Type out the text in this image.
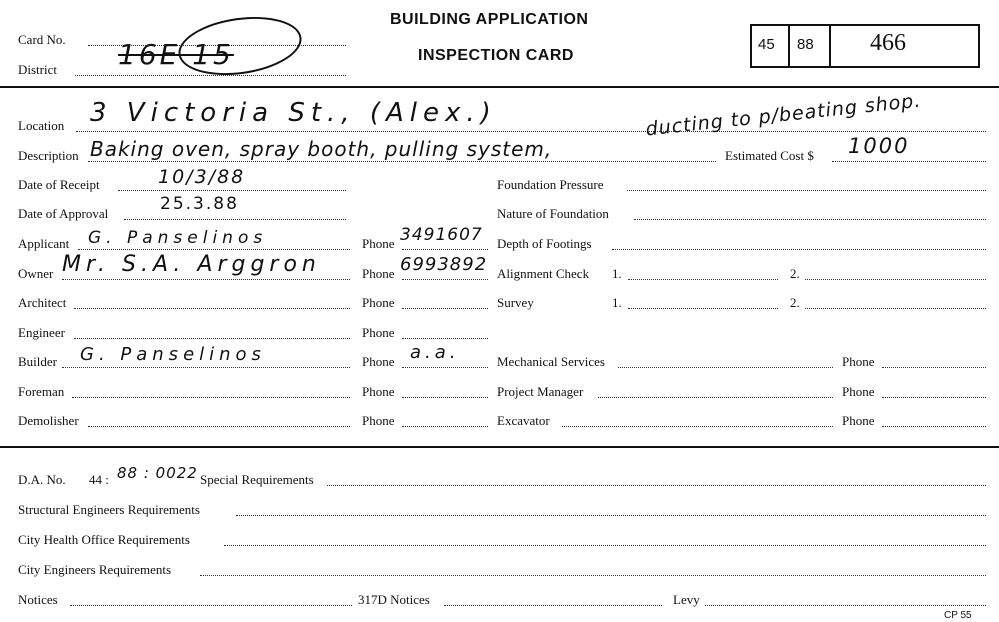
Card No.
District 16E 15
BUILDING APPLICATION
INSPECTION CARD
45 88 466
Location 3 Victoria St., (Alex.)	ducting to p/beating shop.
Description Baking oven, spray booth, pulling system,	Estimated Cost $ 1000
Date of Receipt	10/3/88
Date of Approval	25.3.88
Applicant G. Panselinos	Phone 3491607
Owner Mr. S.A. Arggron	Phone 6993892
Architect	Phone
Engineer	Phone
Builder G. Panselinos	Phone a.a.
Foreman	Phone
Demolisher	Phone
Foundation Pressure
Nature of Foundation
Depth of Footings
Alignment Check 1.	2.
Survey	1.	2.
Mechanical Services	Phone
Project Manager	Phone
Excavator	Phone
D.A. No. 44 : 88 : 0022 Special Requirements
Structural Engineers Requirements
City Health Office Requirements
City Engineers Requirements
Notices	317D Notices	Levy
CP 55
